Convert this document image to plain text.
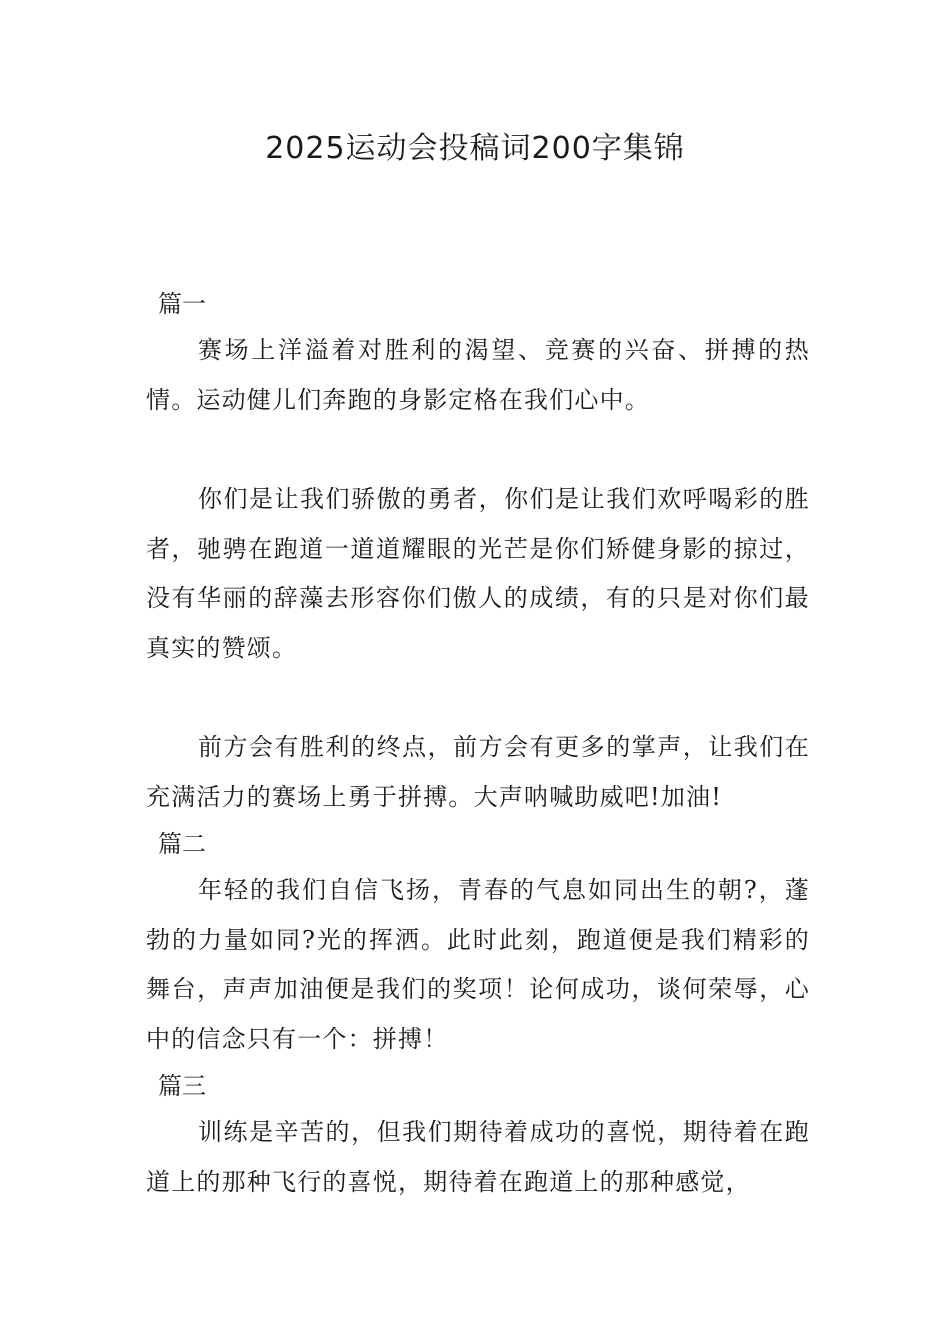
2025运动会投稿词200字集锦

篇一

赛场上洋溢着对胜利的渴望、竞赛的兴奋、拼搏的热情。运动健儿们奔跑的身影定格在我们心中。

你们是让我们骄傲的勇者，你们是让我们欢呼喝彩的胜者，驰骋在跑道一道道耀眼的光芒是你们矫健身影的掠过，没有华丽的辞藻去形容你们傲人的成绩，有的只是对你们最真实的赞颂。

前方会有胜利的终点，前方会有更多的掌声，让我们在充满活力的赛场上勇于拼搏。大声呐喊助威吧!加油!

篇二

年轻的我们自信飞扬，青春的气息如同出生的朝?，蓬勃的力量如同?光的挥洒。此时此刻，跑道便是我们精彩的舞台，声声加油便是我们的奖项！论何成功，谈何荣辱，心中的信念只有一个：拼搏！

篇三

训练是辛苦的，但我们期待着成功的喜悦，期待着在跑道上的那种飞行的喜悦，期待着在跑道上的那种感觉，
